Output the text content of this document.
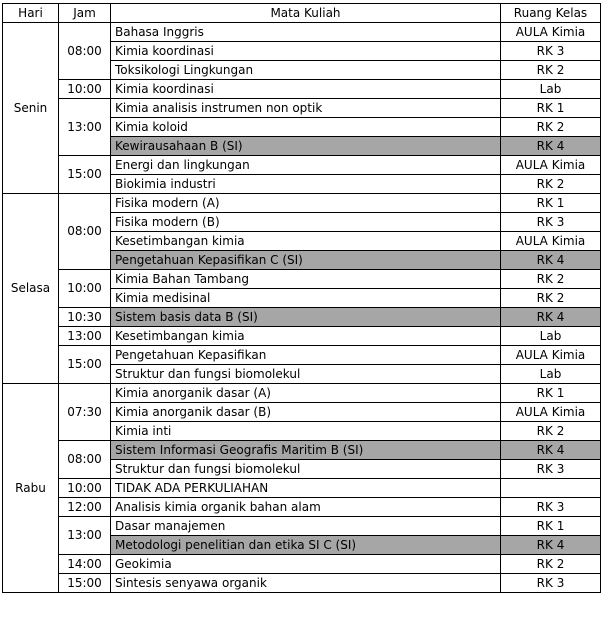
Hari	Jam	Mata Kuliah	Ruang Kelas
Senin	08:00	Bahasa Inggris	AULA Kimia
		Kimia koordinasi	RK 3
		Toksikologi Lingkungan	RK 2
	10:00	Kimia koordinasi	Lab
	13:00	Kimia analisis instrumen non optik	RK 1
		Kimia koloid	RK 2
		Kewirausahaan B (SI)	RK 4
	15:00	Energi dan lingkungan	AULA Kimia
		Biokimia industri	RK 2
Selasa	08:00	Fisika modern (A)	RK 1
		Fisika modern (B)	RK 3
		Kesetimbangan kimia	AULA Kimia
		Pengetahuan Kepasifikan C (SI)	RK 4
	10:00	Kimia Bahan Tambang	RK 2
		Kimia medisinal	RK 2
	10:30	Sistem basis data B (SI)	RK 4
	13:00	Kesetimbangan kimia	Lab
	15:00	Pengetahuan Kepasifikan	AULA Kimia
		Struktur dan fungsi biomolekul	Lab
Rabu	07:30	Kimia anorganik dasar (A)	RK 1
		Kimia anorganik dasar (B)	AULA Kimia
		Kimia inti	RK 2
	08:00	Sistem Informasi Geografis Maritim B (SI)	RK 4
		Struktur dan fungsi biomolekul	RK 3
	10:00	TIDAK ADA PERKULIAHAN	
	12:00	Analisis kimia organik bahan alam	RK 3
	13:00	Dasar manajemen	RK 1
		Metodologi penelitian dan etika SI C (SI)	RK 4
	14:00	Geokimia	RK 2
	15:00	Sintesis senyawa organik	RK 3
